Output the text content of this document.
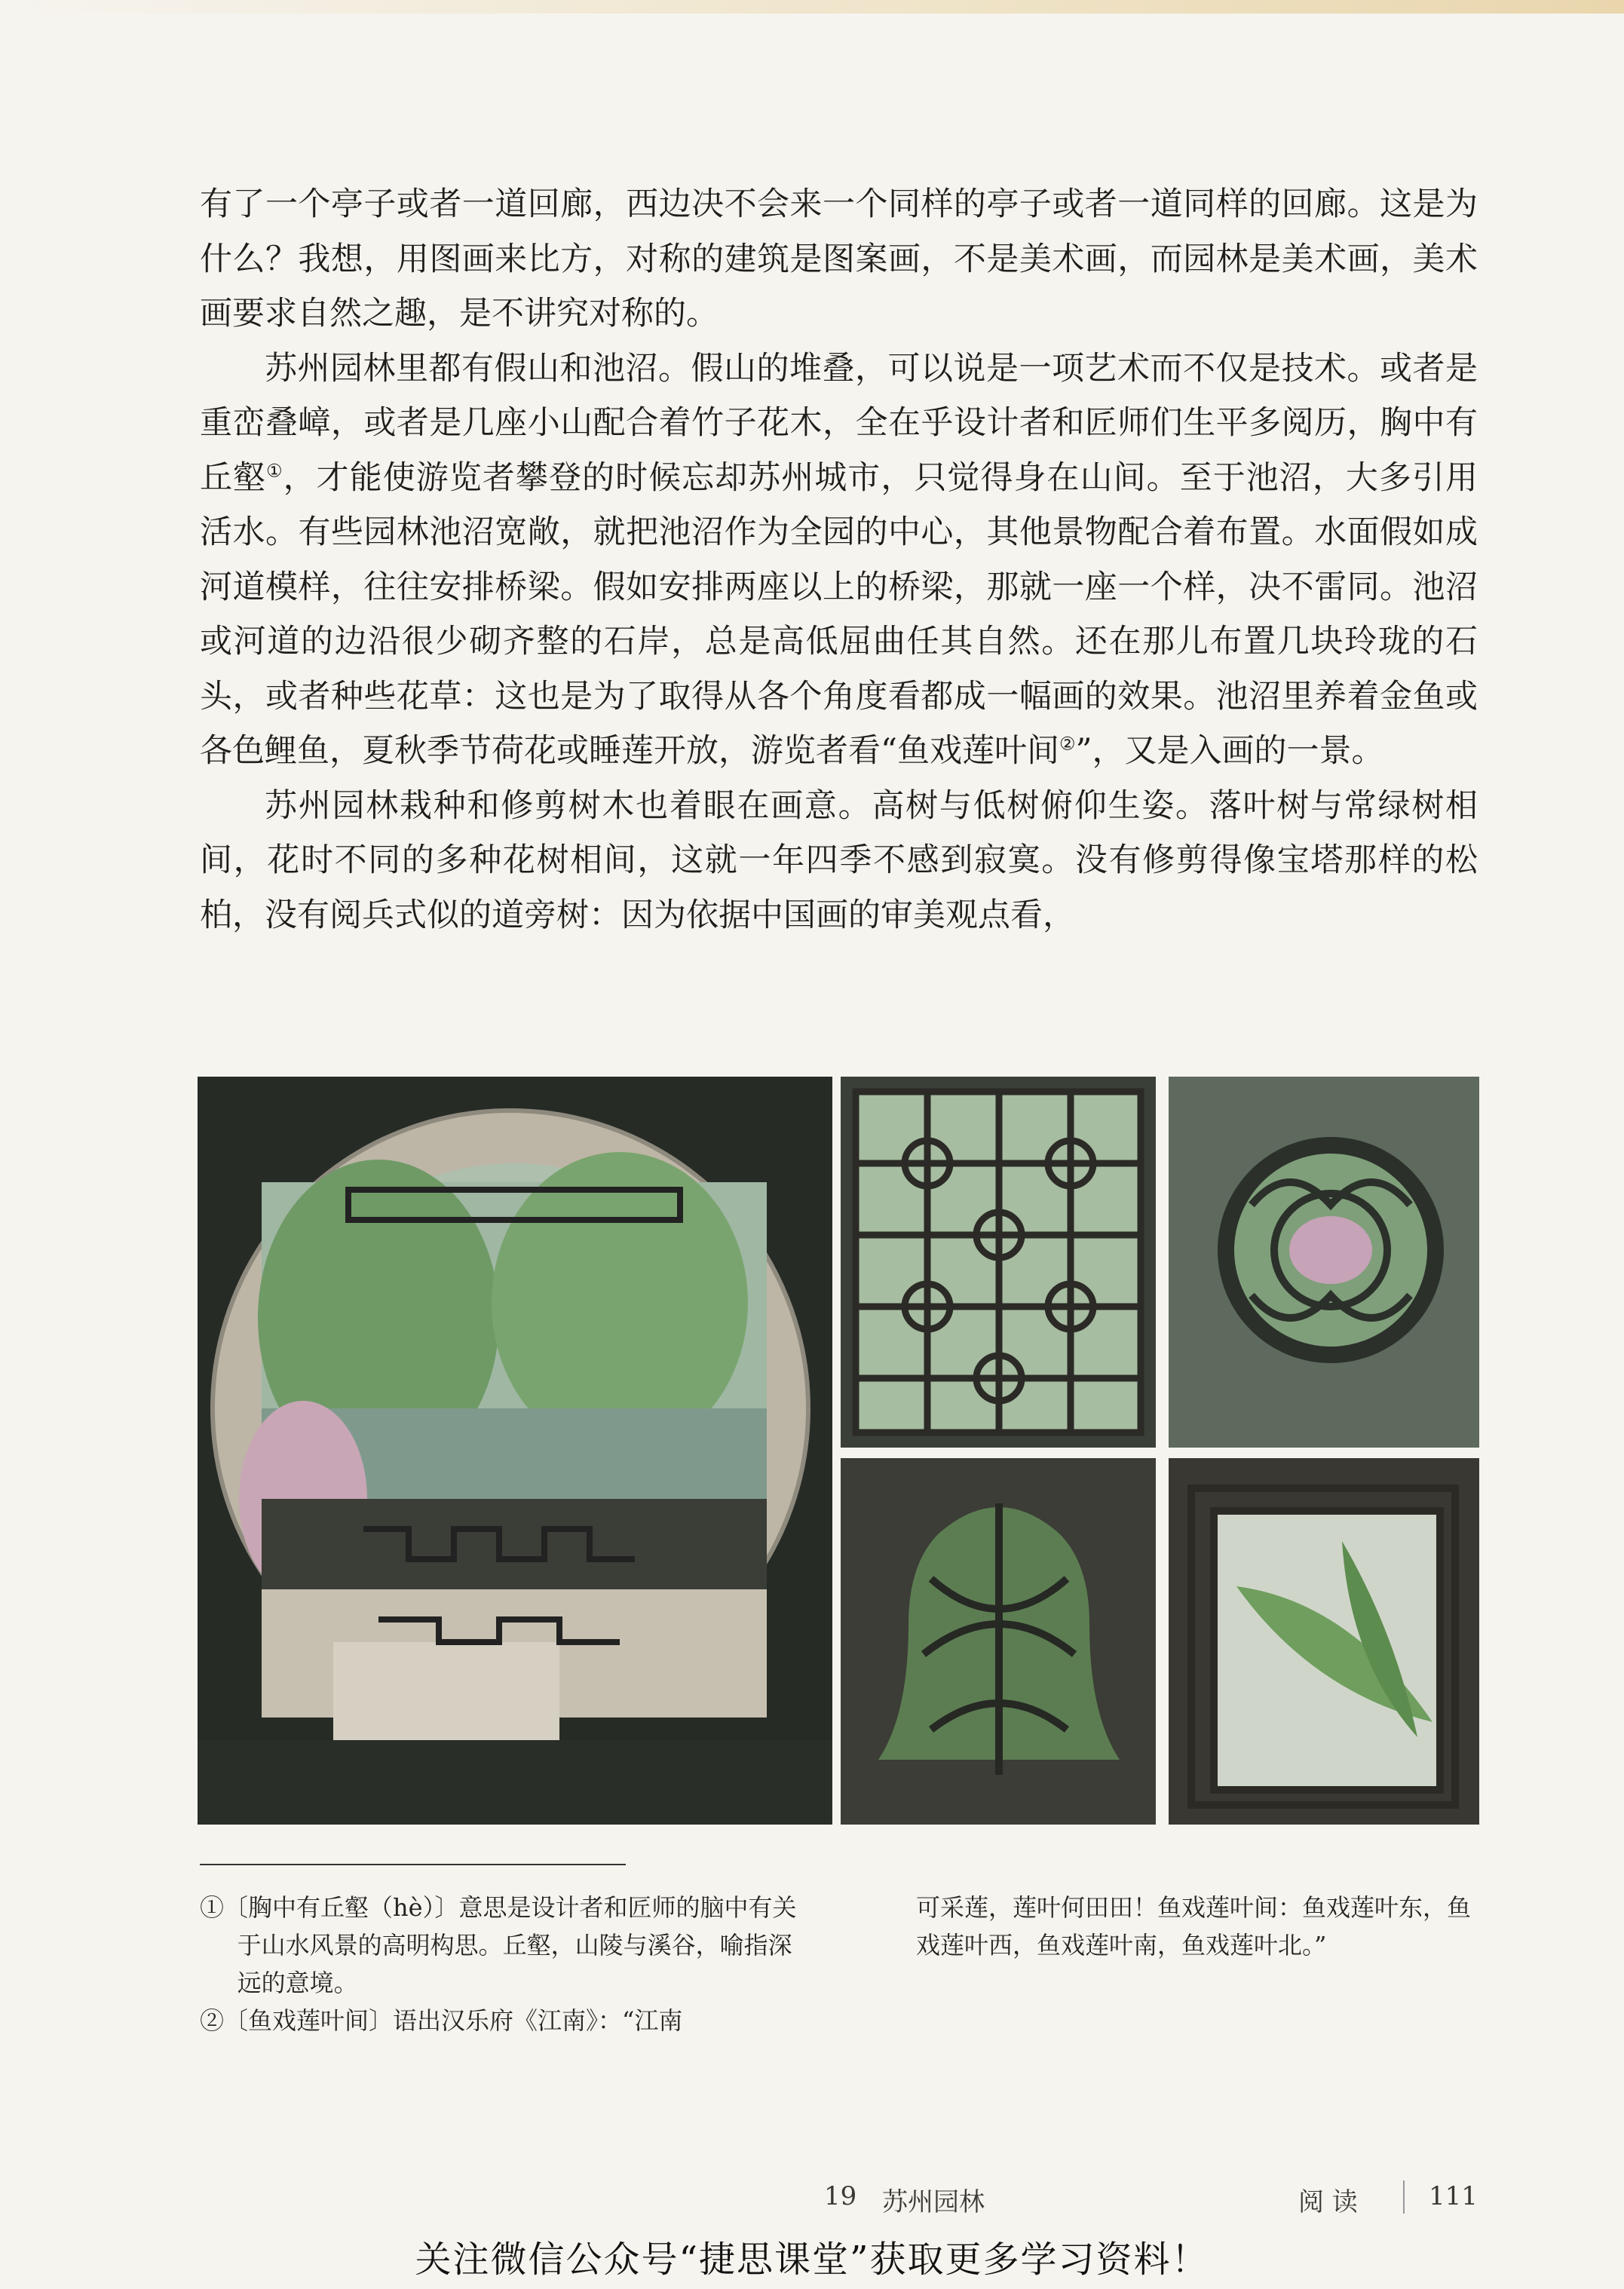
有了一个亭子或者一道回廊，西边决不会来一个同样的亭子或者一道同样的回廊。这是为什么？我想，用图画来比方，对称的建筑是图案画，不是美术画，而园林是美术画，美术画要求自然之趣，是不讲究对称的。

苏州园林里都有假山和池沼。假山的堆叠，可以说是一项艺术而不仅是技术。或者是重峦叠嶂，或者是几座小山配合着竹子花木，全在乎设计者和匠师们生平多阅历，胸中有丘壑①，才能使游览者攀登的时候忘却苏州城市，只觉得身在山间。至于池沼，大多引用活水。有些园林池沼宽敞，就把池沼作为全园的中心，其他景物配合着布置。水面假如成河道模样，往往安排桥梁。假如安排两座以上的桥梁，那就一座一个样，决不雷同。池沼或河道的边沿很少砌齐整的石岸，总是高低屈曲任其自然。还在那儿布置几块玲珑的石头，或者种些花草：这也是为了取得从各个角度看都成一幅画的效果。池沼里养着金鱼或各色鲤鱼，夏秋季节荷花或睡莲开放，游览者看“鱼戏莲叶间②”，又是入画的一景。

苏州园林栽种和修剪树木也着眼在画意。高树与低树俯仰生姿。落叶树与常绿树相间，花时不同的多种花树相间，这就一年四季不感到寂寞。没有修剪得像宝塔那样的松柏，没有阅兵式似的道旁树：因为依据中国画的审美观点看，

①〔胸中有丘壑（hè）〕意思是设计者和匠师的脑中有关于山水风景的高明构思。丘壑，山陵与溪谷，喻指深远的意境。

②〔鱼戏莲叶间〕语出汉乐府《江南》：“江南

可采莲，莲叶何田田！鱼戏莲叶间：鱼戏莲叶东，鱼戏莲叶西，鱼戏莲叶南，鱼戏莲叶北。”

19 苏州园林	阅 读	111
关注微信公众号“捷思课堂”获取更多学习资料！
